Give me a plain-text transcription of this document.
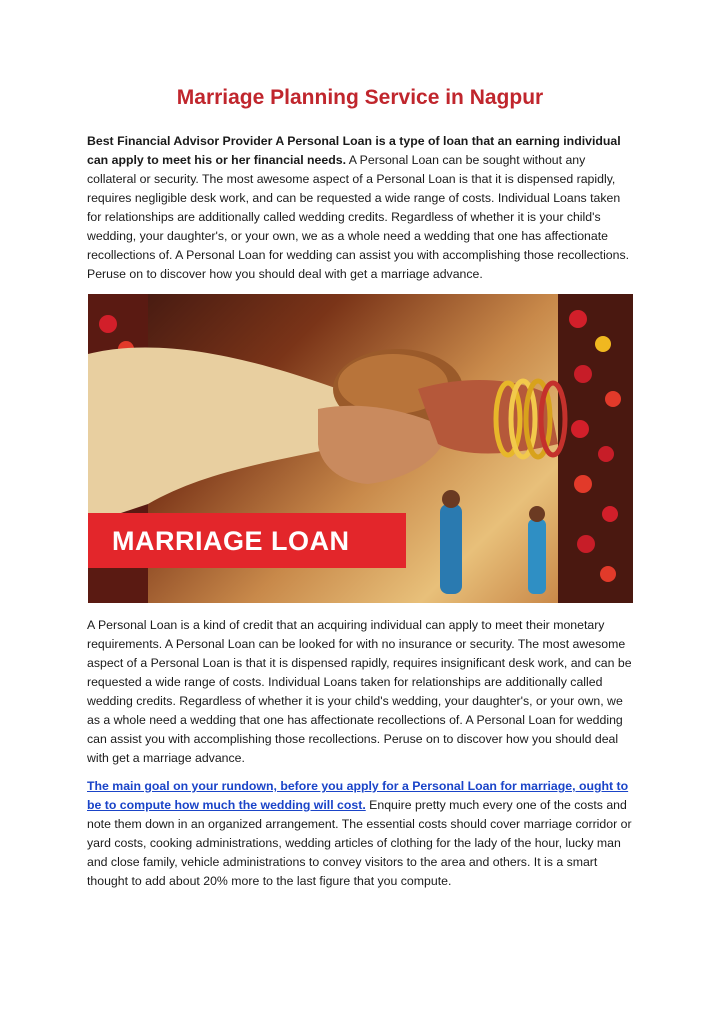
Marriage Planning Service in Nagpur

Best Financial Advisor Provider A Personal Loan is a type of loan that an earning individual can apply to meet his or her financial needs. A Personal Loan can be sought without any collateral or security. The most awesome aspect of a Personal Loan is that it is dispensed rapidly, requires negligible desk work, and can be requested a wide range of costs. Individual Loans taken for relationships are additionally called wedding credits. Regardless of whether it is your child's wedding, your daughter's, or your own, we as a whole need a wedding that one has affectionate recollections of. A Personal Loan for wedding can assist you with accomplishing those recollections. Peruse on to discover how you should deal with get a marriage advance.

MARRIAGE LOAN

A Personal Loan is a kind of credit that an acquiring individual can apply to meet their monetary requirements. A Personal Loan can be looked for with no insurance or security. The most awesome aspect of a Personal Loan is that it is dispensed rapidly, requires insignificant desk work, and can be requested a wide range of costs. Individual Loans taken for relationships are additionally called wedding credits. Regardless of whether it is your child's wedding, your daughter's, or your own, we as a whole need a wedding that one has affectionate recollections of. A Personal Loan for wedding can assist you with accomplishing those recollections. Peruse on to discover how you should deal with get a marriage advance.

The main goal on your rundown, before you apply for a Personal Loan for marriage, ought to be to compute how much the wedding will cost. Enquire pretty much every one of the costs and note them down in an organized arrangement. The essential costs should cover marriage corridor or yard costs, cooking administrations, wedding articles of clothing for the lady of the hour, lucky man and close family, vehicle administrations to convey visitors to the area and others. It is a smart thought to add about 20% more to the last figure that you compute.
